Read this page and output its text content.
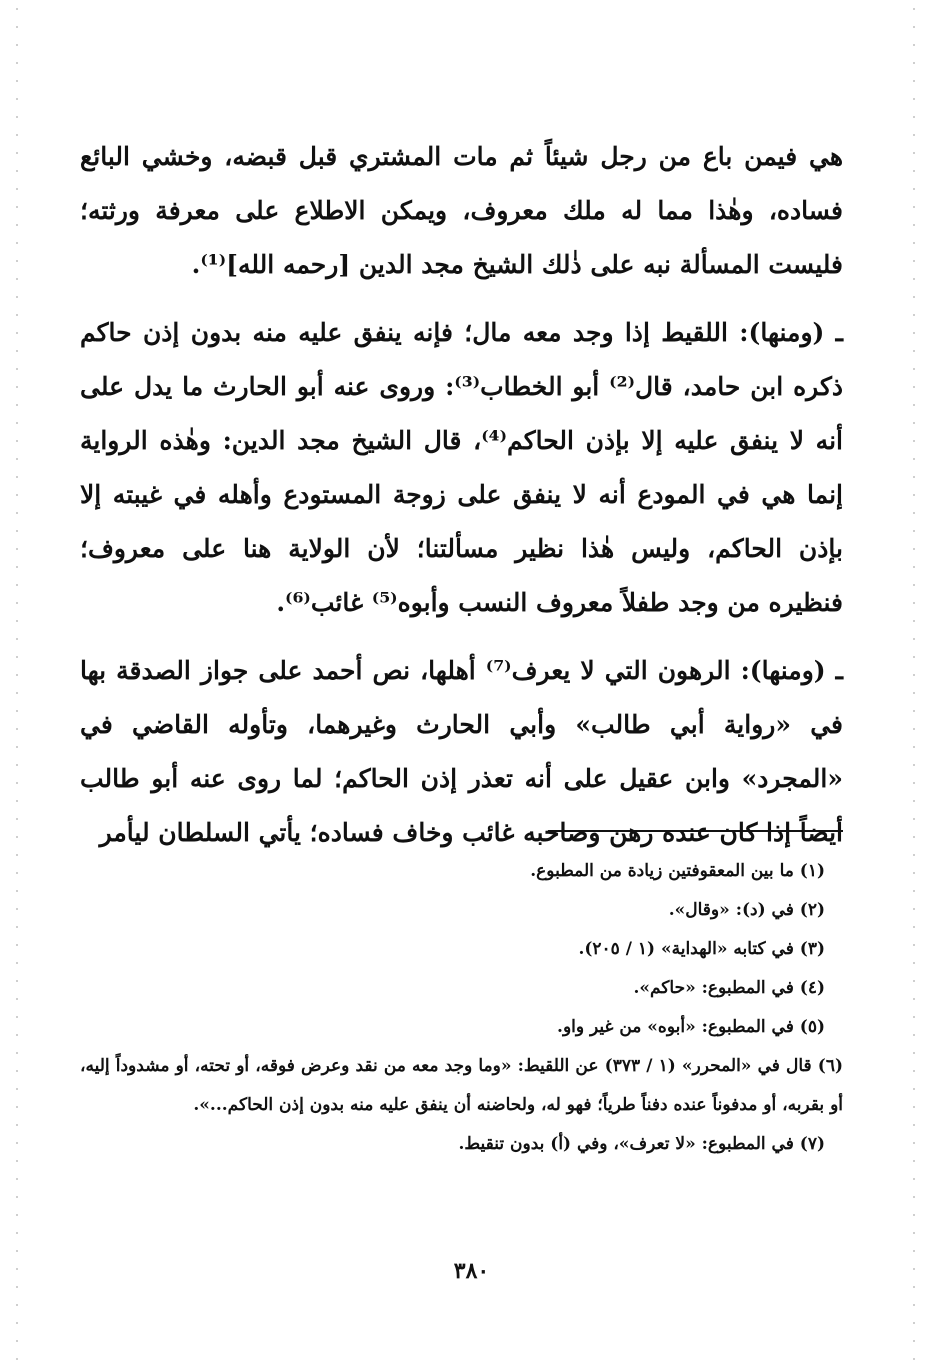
هي فيمن باع من رجل شيئاً ثم مات المشتري قبل قبضه، وخشي البائع فساده، وهٰذا مما له ملك معروف، ويمكن الاطلاع على معرفة ورثته؛ فليست المسألة نبه على ذٰلك الشيخ مجد الدين [رحمه الله]⁽¹⁾.

ـ (ومنها): اللقيط إذا وجد معه مال؛ فإنه ينفق عليه منه بدون إذن حاكم ذكره ابن حامد، قال⁽²⁾ أبو الخطاب⁽³⁾: وروى عنه أبو الحارث ما يدل على أنه لا ينفق عليه إلا بإذن الحاكم⁽⁴⁾، قال الشيخ مجد الدين: وهٰذه الرواية إنما هي في المودع أنه لا ينفق على زوجة المستودع وأهله في غيبته إلا بإذن الحاكم، وليس هٰذا نظير مسألتنا؛ لأن الولاية هنا على معروف؛ فنظيره من وجد طفلاً معروف النسب وأبوه⁽⁵⁾ غائب⁽⁶⁾.

ـ (ومنها): الرهون التي لا يعرف⁽⁷⁾ أهلها، نص أحمد على جواز الصدقة بها في «رواية أبي طالب» وأبي الحارث وغيرهما، وتأوله القاضي في «المجرد» وابن عقيل على أنه تعذر إذن الحاكم؛ لما روى عنه أبو طالب أيضاً إذا كان عنده رهن وصاحبه غائب وخاف فساده؛ يأتي السلطان ليأمر

(١) ما بين المعقوفتين زيادة من المطبوع.

(٢) في (د): «وقال».

(٣) في كتابه «الهداية» (١ / ٢٠٥).

(٤) في المطبوع: «حاكم».

(٥) في المطبوع: «أبوه» من غير واو.

(٦) قال في «المحرر» (١ / ٣٧٣) عن اللقيط: «وما وجد معه من نقد وعرض فوقه، أو تحته، أو مشدوداً إليه، أو بقربه، أو مدفوناً عنده دفناً طرياً؛ فهو له، ولحاضنه أن ينفق عليه منه بدون إذن الحاكم...».

(٧) في المطبوع: «لا تعرف»، وفي (أ) بدون تنقيط.

٣٨٠
